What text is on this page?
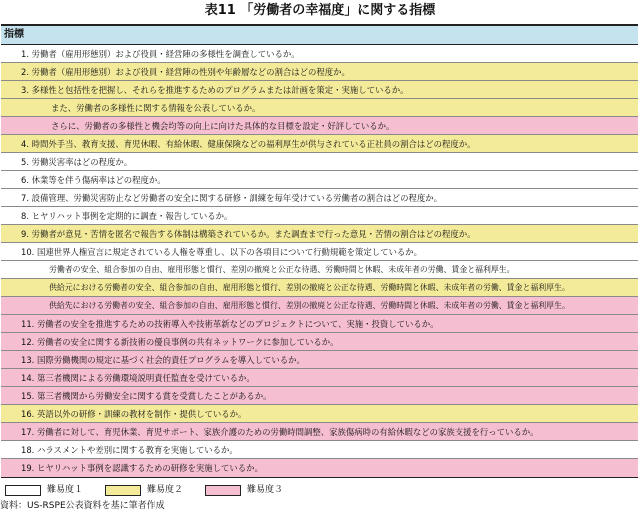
表11 「労働者の幸福度」に関する指標
指標
1. 労働者（雇用形態別）および役員・経営陣の多様性を調査しているか。
2. 労働者（雇用形態別）および役員・経営陣の性別や年齢層などの割合はどの程度か。
3. 多様性と包括性を把握し、それらを推進するためのプログラムまたは計画を策定・実施しているか。
また、労働者の多様性に関する情報を公表しているか。
さらに、労働者の多様性と機会均等の向上に向けた具体的な目標を設定・好評しているか。
4. 時間外手当、教育支援、育児休暇、有給休暇、健康保険などの福利厚生が供与されている正社員の割合はどの程度か。
5. 労働災害率はどの程度か。
6. 休業等を伴う傷病率はどの程度か。
7. 設備管理、労働災害防止など労働者の安全に関する研修・訓練を毎年受けている労働者の割合はどの程度か。
8. ヒヤリハット事例を定期的に調査・報告しているか。
9. 労働者が意見・苦情を匿名で報告する体制は構築されているか。また調査まで行った意見・苦情の割合はどの程度か。
10. 国連世界人権宣言に規定されている人権を尊重し、以下の各項目について行動規範を策定しているか。
労働者の安全、組合参加の自由、雇用形態と慣行、差別の撤廃と公正な待遇、労働時間と休暇、未成年者の労働、賃金と福利厚生。
供給元における労働者の安全、組合参加の自由、雇用形態と慣行、差別の撤廃と公正な待遇、労働時間と休暇、未成年者の労働、賃金と福利厚生。
供給先における労働者の安全、組合参加の自由、雇用形態と慣行、差別の撤廃と公正な待遇、労働時間と休暇、未成年者の労働、賃金と福利厚生。
11. 労働者の安全を推進するための技術導入や技術革新などのプロジェクトについて、実施・投資しているか。
12. 労働者の安全に関する新技術の優良事例の共有ネットワークに参加しているか。
13. 国際労働機関の規定に基づく社会的責任プログラムを導入しているか。
14. 第三者機関による労働環境説明責任監査を受けているか。
15. 第三者機関から労働安全に関する賞を受賞したことがあるか。
16. 英語以外の研修・訓練の教材を制作・提供しているか。
17. 労働者に対して、育児休業、育児サポート、家族介護のための労働時間調整、家族傷病時の有給休暇などの家族支援を行っているか。
18. ハラスメントや差別に関する教育を実施しているか。
19. ヒヤリハット事例を認識するための研修を実施しているか。
難易度１	難易度２	難易度３
資料：US-RSPE公表資料を基に筆者作成
